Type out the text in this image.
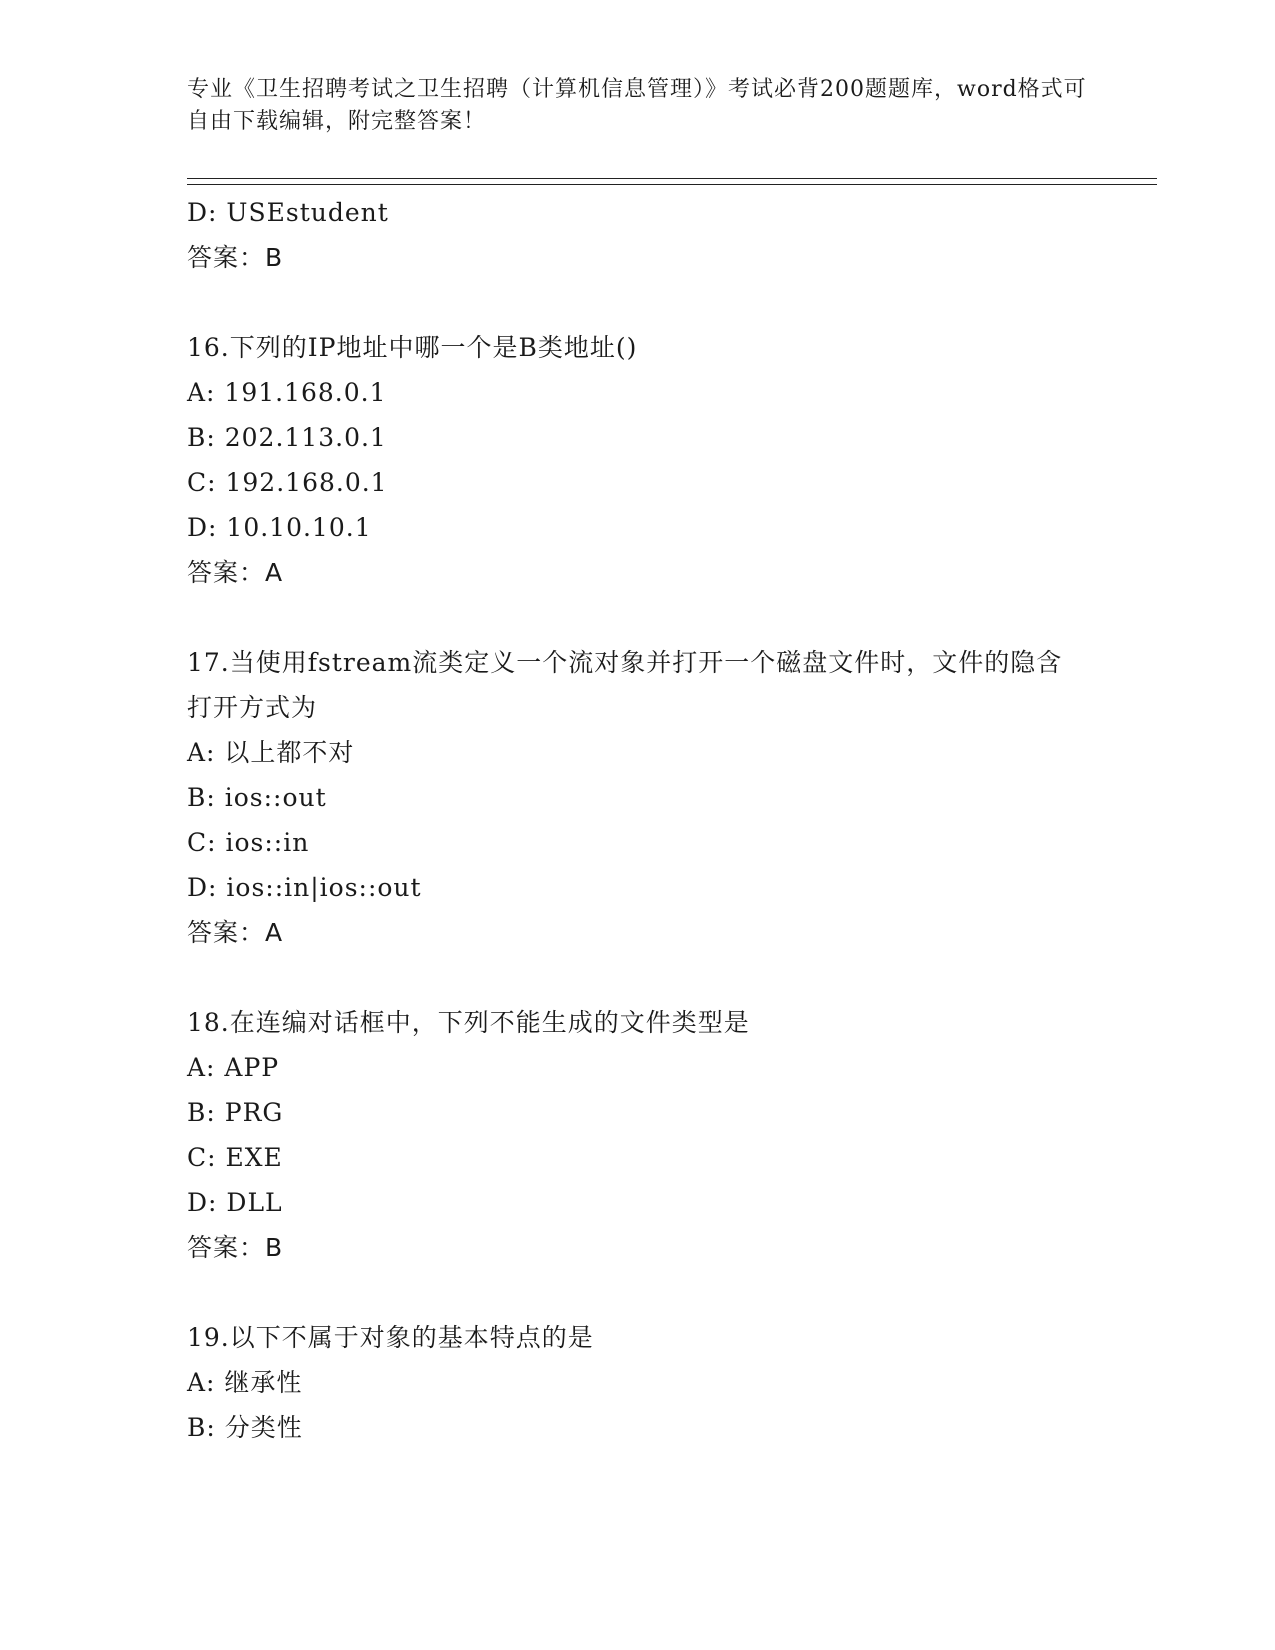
专业《卫生招聘考试之卫生招聘（计算机信息管理）》考试必背200题题库，word格式可自由下载编辑，附完整答案！

D: USEstudent
答案：B
16.下列的IP地址中哪一个是B类地址()
A: 191.168.0.1
B: 202.113.0.1
C: 192.168.0.1
D: 10.10.10.1
答案：A
17.当使用fstream流类定义一个流对象并打开一个磁盘文件时，文件的隐含打开方式为
A: 以上都不对
B: ios::out
C: ios::in
D: ios::in|ios::out
答案：A
18.在连编对话框中，下列不能生成的文件类型是
A: APP
B: PRG
C: EXE
D: DLL
答案：B
19.以下不属于对象的基本特点的是
A: 继承性
B: 分类性
